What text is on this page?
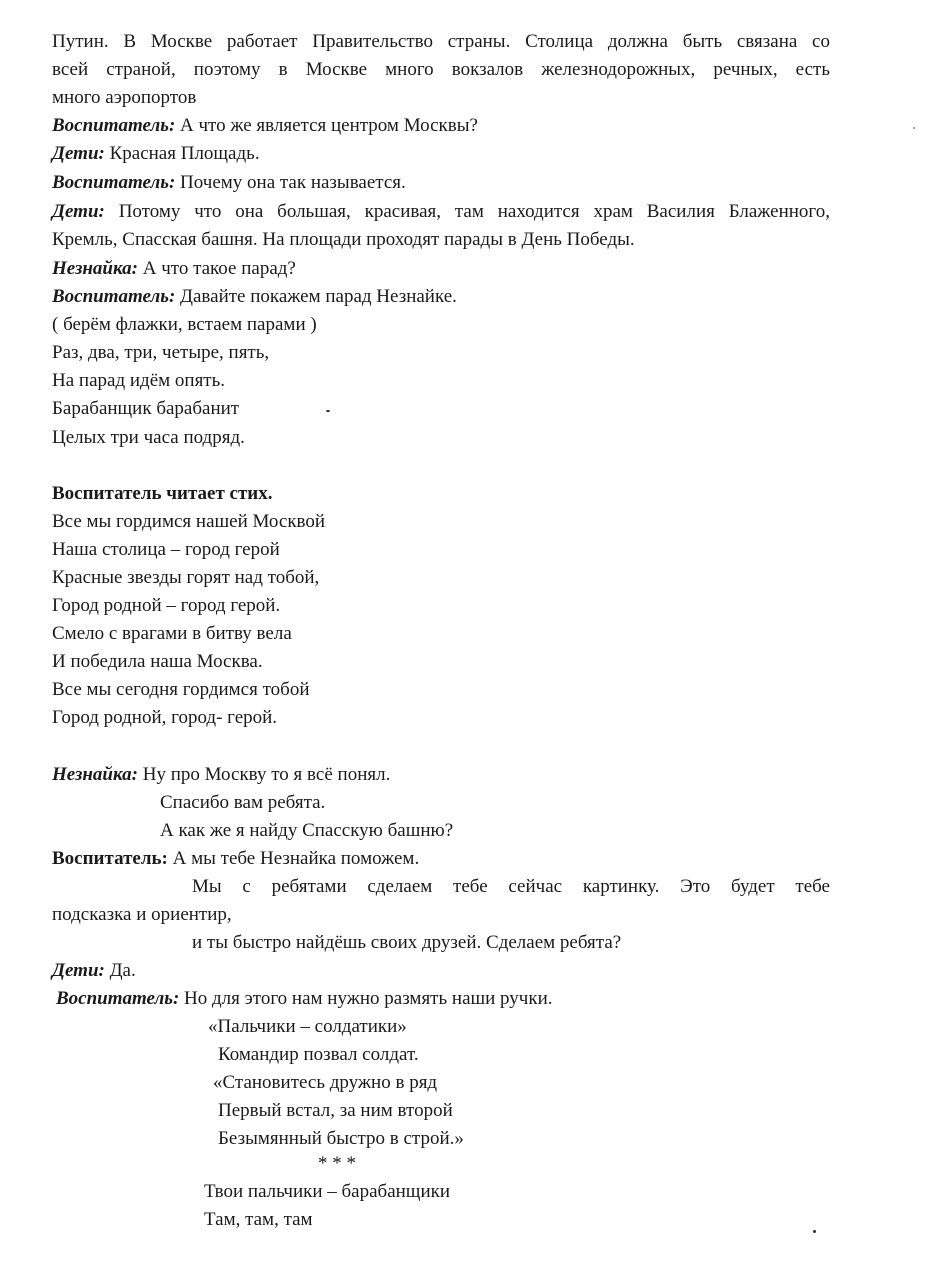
Путин. В Москве работает Правительство страны. Столица должна быть связана со
всей страной, поэтому в Москве много вокзалов железнодорожных, речных, есть
много аэропортов
Воспитатель: А что же является центром Москвы?
Дети: Красная Площадь.
Воспитатель: Почему она так называется.
Дети: Потому что она большая, красивая, там находится храм Василия Блаженного,
Кремль, Спасская башня. На площади проходят парады в День Победы.
Незнайка: А что такое парад?
Воспитатель: Давайте покажем парад Незнайке.
( берём флажки, встаем парами )
Раз, два, три, четыре, пять,
На парад идём опять.
Барабанщик барабанит
Целых три часа подряд.
Воспитатель читает стих.
Все мы гордимся нашей Москвой
Наша столица – город герой
Красные звезды горят над тобой,
Город родной – город герой.
Смело с врагами в битву вела
И победила наша Москва.
Все мы сегодня гордимся тобой
Город родной, город- герой.
Незнайка: Ну про Москву то я всё понял.
Спасибо вам ребята.
А как же я найду Спасскую башню?
Воспитатель: А мы тебе Незнайка поможем.
Мы с ребятами сделаем тебе сейчас картинку. Это будет тебе
подсказка и ориентир,
и ты быстро найдёшь своих друзей. Сделаем ребята?
Дети: Да.
Воспитатель: Но для этого нам нужно размять наши ручки.
«Пальчики – солдатики»
Командир позвал солдат.
«Становитесь дружно в ряд
Первый встал, за ним второй
Безымянный быстро в строй.»
* * *
Твои пальчики – барабанщики
Там, там, там
